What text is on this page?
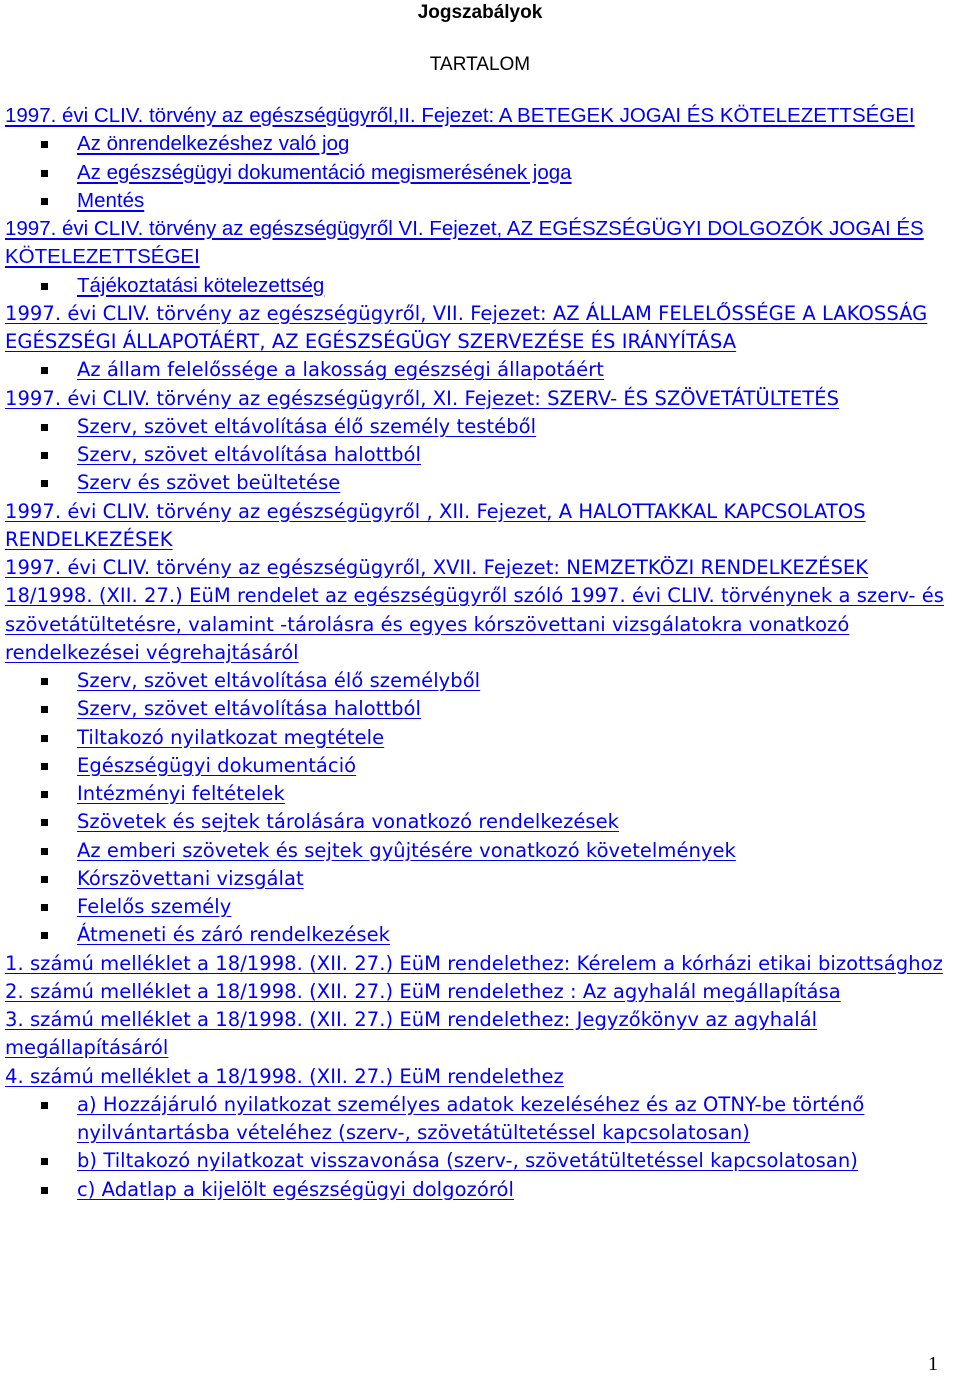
Jogszabályok
TARTALOM
1997. évi CLIV. törvény az egészségügyről,II. Fejezet: A BETEGEK JOGAI ÉS KÖTELEZETTSÉGEI
Az önrendelkezéshez való jog
Az egészségügyi dokumentáció megismerésének joga
Mentés
1997. évi CLIV. törvény az egészségügyről VI. Fejezet, AZ EGÉSZSÉGÜGYI DOLGOZÓK JOGAI ÉS KÖTELEZETTSÉGEI
Tájékoztatási kötelezettség
1997. évi CLIV. törvény az egészségügyről, VII. Fejezet: AZ ÁLLAM FELELŐSSÉGE A LAKOSSÁG EGÉSZSÉGI ÁLLAPOTÁÉRT, AZ EGÉSZSÉGÜGY SZERVEZÉSE ÉS IRÁNYÍTÁSA
Az állam felelőssége a lakosság egészségi állapotáért
1997. évi CLIV. törvény az egészségügyről, XI. Fejezet: SZERV- ÉS SZÖVETÁTÜLTETÉS
Szerv, szövet eltávolítása élő személy testéből
Szerv, szövet eltávolítása halottból
Szerv és szövet beültetése
1997. évi CLIV. törvény az egészségügyről , XII. Fejezet, A HALOTTAKKAL KAPCSOLATOS RENDELKEZÉSEK
1997. évi CLIV. törvény az egészségügyről, XVII. Fejezet: NEMZETKÖZI RENDELKEZÉSEK
18/1998. (XII. 27.) EüM rendelet az egészségügyről szóló 1997. évi CLIV. törvénynek a szerv- és szövetátültetésre, valamint -tárolásra és egyes kórszövettani vizsgálatokra vonatkozó rendelkezései végrehajtásáról
Szerv, szövet eltávolítása élő személyből
Szerv, szövet eltávolítása halottból
Tiltakozó nyilatkozat megtétele
Egészségügyi dokumentáció
Intézményi feltételek
Szövetek és sejtek tárolására vonatkozó rendelkezések
Az emberi szövetek és sejtek gyûjtésére vonatkozó követelmények
Kórszövettani vizsgálat
Felelős személy
Átmeneti és záró rendelkezések
1. számú melléklet a 18/1998. (XII. 27.) EüM rendelethez: Kérelem a kórházi etikai bizottsághoz
2. számú melléklet a 18/1998. (XII. 27.) EüM rendelethez : Az agyhalál megállapítása
3. számú melléklet a 18/1998. (XII. 27.) EüM rendelethez: Jegyzőkönyv az agyhalál megállapításáról
4. számú melléklet a 18/1998. (XII. 27.) EüM rendelethez
a) Hozzájáruló nyilatkozat személyes adatok kezeléséhez és az OTNY-be történő nyilvántartásba vételéhez (szerv-, szövetátültetéssel kapcsolatosan)
b) Tiltakozó nyilatkozat visszavonása (szerv-, szövetátültetéssel kapcsolatosan)
c) Adatlap a kijelölt egészségügyi dolgozóról
1
